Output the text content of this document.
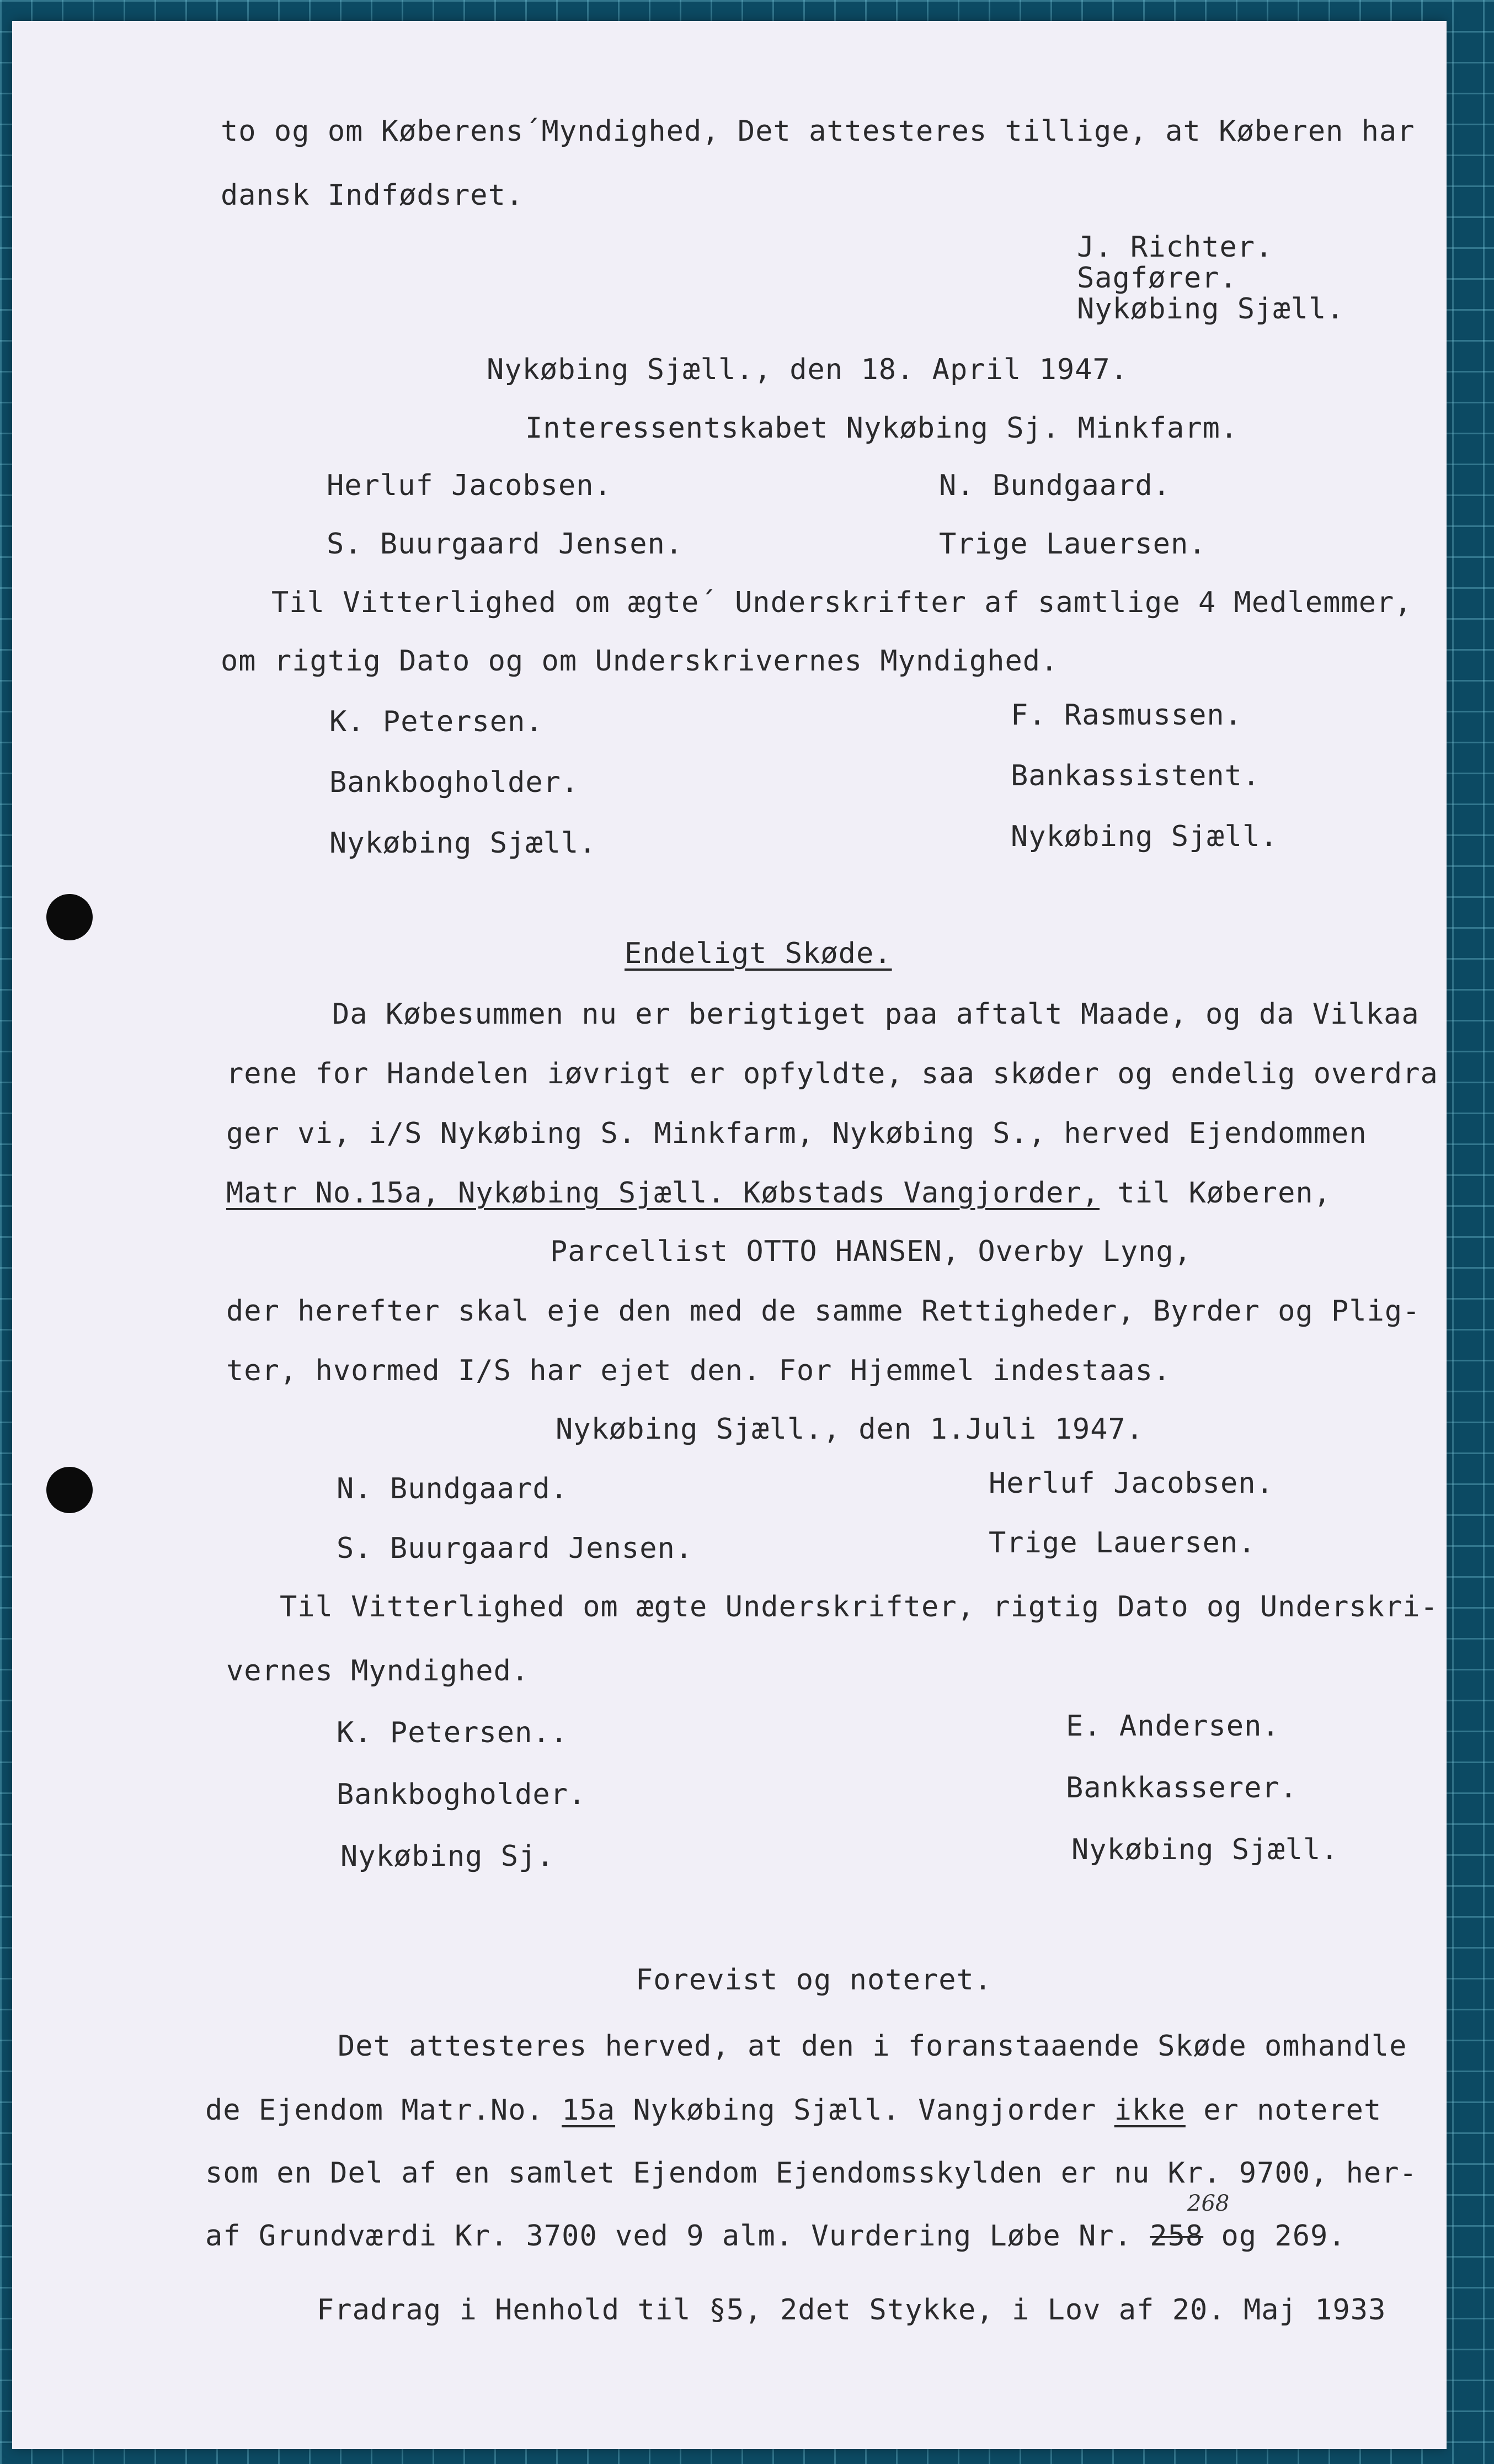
to og om Køberens´Myndighed, Det attesteres tillige, at Køberen har
dansk Indfødsret.
J. Richter.
Sagfører.
Nykøbing Sjæll.
Nykøbing Sjæll., den 18. April 1947.
Interessentskabet Nykøbing Sj. Minkfarm.
Herluf Jacobsen.	N. Bundgaard.
S. Buurgaard Jensen.	Trige Lauersen.
Til Vitterlighed om ægte´ Underskrifter af samtlige 4 Medlemmer,
om rigtig Dato og om Underskrivernes Myndighed.
K. Petersen.	F. Rasmussen.
Bankbogholder.	Bankassistent.
Nykøbing Sjæll.	Nykøbing Sjæll.
Endeligt Skøde.
Da Købesummen nu er berigtiget paa aftalt Maade, og da Vilkaa
rene for Handelen iøvrigt er opfyldte, saa skøder og endelig overdra
ger vi, i/S Nykøbing S. Minkfarm, Nykøbing S., herved Ejendommen
Matr No.15a, Nykøbing Sjæll. Købstads Vangjorder, til Køberen,
Parcellist OTTO HANSEN, Overby Lyng,
der herefter skal eje den med de samme Rettigheder, Byrder og Plig-
ter, hvormed I/S har ejet den. For Hjemmel indestaas.
Nykøbing Sjæll., den 1.Juli 1947.
N. Bundgaard.	Herluf Jacobsen.
S. Buurgaard Jensen.	Trige Lauersen.
Til Vitterlighed om ægte Underskrifter, rigtig Dato og Underskri-
vernes Myndighed.
K. Petersen..	E. Andersen.
Bankbogholder.	Bankkasserer.
Nykøbing Sj.	Nykøbing Sjæll.
Forevist og noteret.
Det attesteres herved, at den i foranstaaende Skøde omhandle
de Ejendom Matr.No. 15a Nykøbing Sjæll. Vangjorder ikke er noteret
som en Del af en samlet Ejendom Ejendomsskylden er nu Kr. 9700, her-
af Grundværdi Kr. 3700 ved 9 alm. Vurdering Løbe Nr. 258 og 269.
268
Fradrag i Henhold til §5, 2det Stykke, i Lov af 20. Maj 1933
